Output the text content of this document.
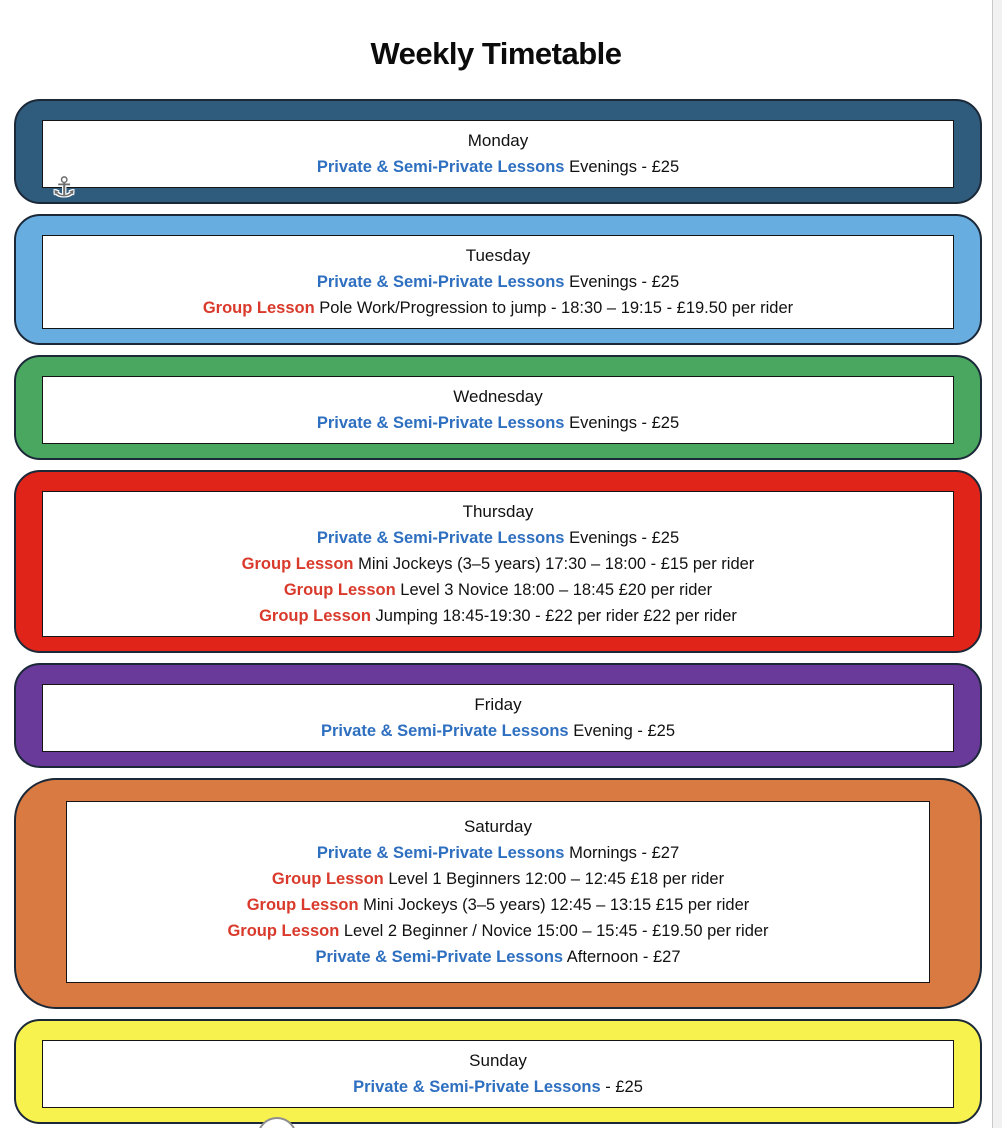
Weekly Timetable
Monday
Private & Semi-Private Lessons Evenings - £25
Tuesday
Private & Semi-Private Lessons Evenings - £25
Group Lesson Pole Work/Progression to jump - 18:30 – 19:15 - £19.50 per rider
Wednesday
Private & Semi-Private Lessons Evenings - £25
Thursday
Private & Semi-Private Lessons Evenings - £25
Group Lesson Mini Jockeys (3–5 years) 17:30 – 18:00 - £15 per rider
Group Lesson Level 3 Novice 18:00 – 18:45 £20 per rider
Group Lesson Jumping 18:45-19:30 - £22 per rider £22 per rider
Friday
Private & Semi-Private Lessons Evening - £25
Saturday
Private & Semi-Private Lessons Mornings - £27
Group Lesson Level 1 Beginners 12:00 – 12:45 £18 per rider
Group Lesson Mini Jockeys (3–5 years) 12:45 – 13:15 £15 per rider
Group Lesson Level 2 Beginner / Novice 15:00 – 15:45 - £19.50 per rider
Private & Semi-Private Lessons Afternoon - £27
Sunday
Private & Semi-Private Lessons - £25
⚓
